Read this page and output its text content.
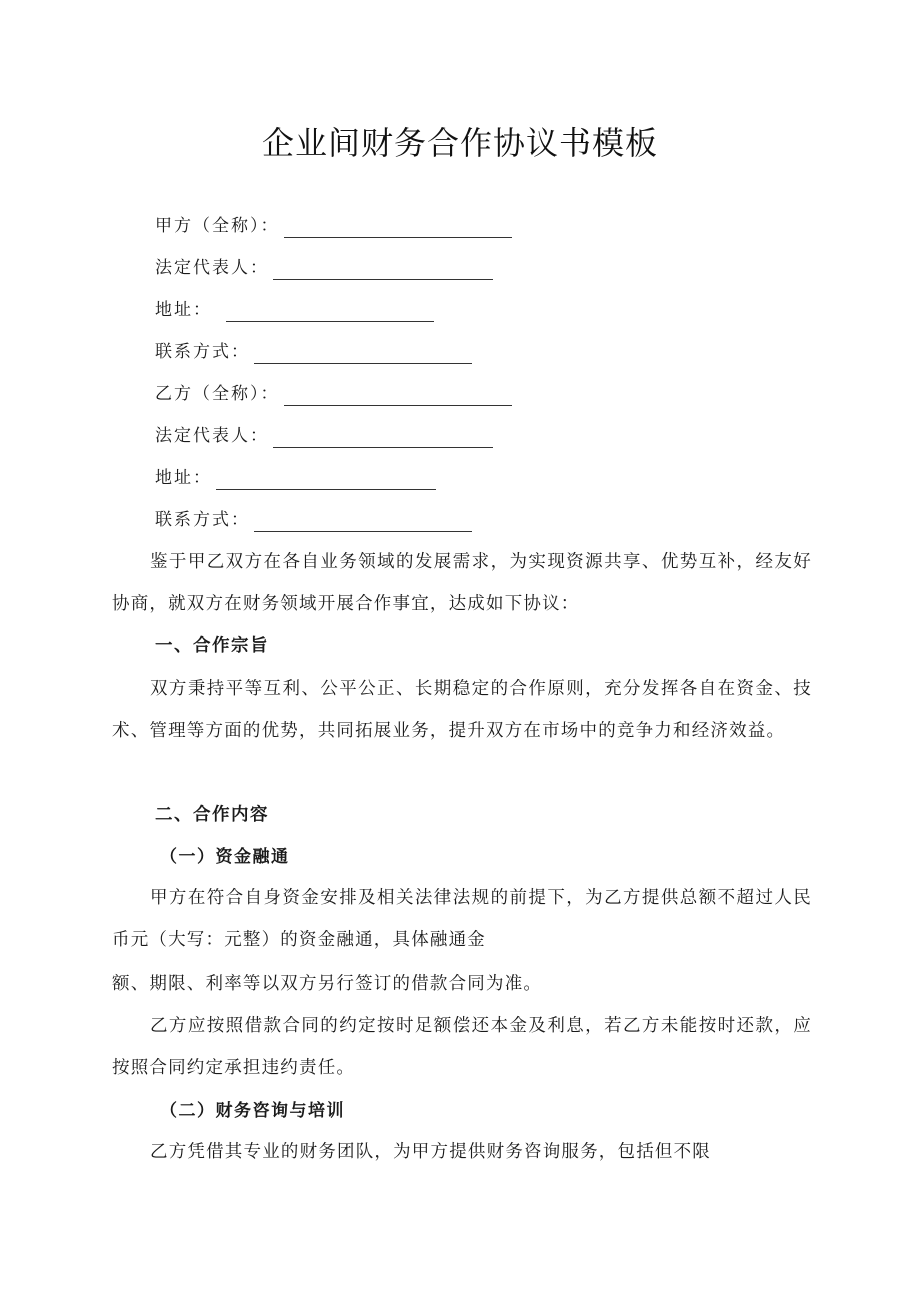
企业间财务合作协议书模板
甲方（全称）：
法定代表人：
地址：
联系方式：
乙方（全称）：
法定代表人：
地址：
联系方式：

鉴于甲乙双方在各自业务领域的发展需求，为实现资源共享、优势互补，经友好协商，就双方在财务领域开展合作事宜，达成如下协议：

一、合作宗旨

双方秉持平等互利、公平公正、长期稳定的合作原则，充分发挥各自在资金、技术、管理等方面的优势，共同拓展业务，提升双方在市场中的竞争力和经济效益。

二、合作内容
（一）资金融通

甲方在符合自身资金安排及相关法律法规的前提下，为乙方提供总额不超过人民币元（大写：元整）的资金融通，具体融通金

额、期限、利率等以双方另行签订的借款合同为准。

乙方应按照借款合同的约定按时足额偿还本金及利息，若乙方未能按时还款，应按照合同约定承担违约责任。

（二）财务咨询与培训

乙方凭借其专业的财务团队，为甲方提供财务咨询服务，包括但不限
